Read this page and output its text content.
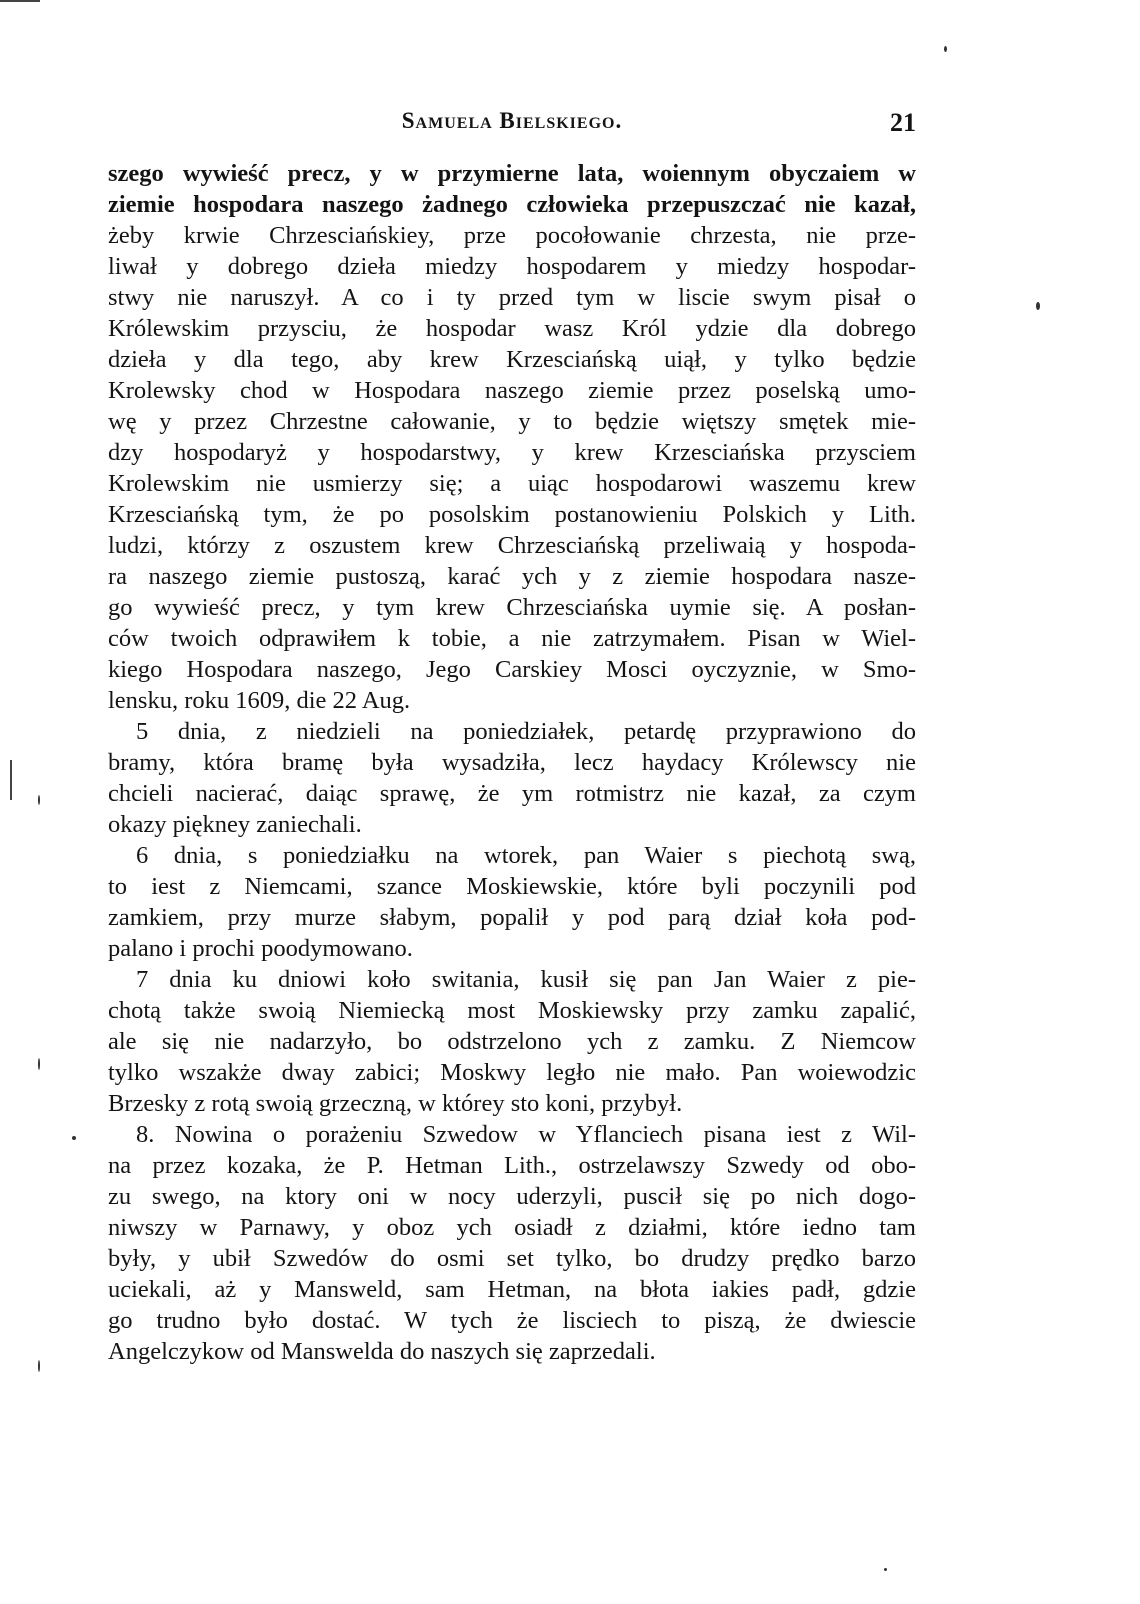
Samuela Bielskiego.	21
szego wywieść precz, y w przymierne lata, woiennym obyczaiem w
ziemie hospodara naszego żadnego człowieka przepuszczać nie kazał,
żeby krwie Chrzesciańskiey, prze pocołowanie chrzesta, nie prze-
liwał y dobrego dzieła miedzy hospodarem y miedzy hospodar-
stwy nie naruszył. A co i ty przed tym w liscie swym pisał o
Królewskim przysciu, że hospodar wasz Król ydzie dla dobrego
dzieła y dla tego, aby krew Krzesciańską uiął, y tylko będzie
Krolewsky chod w Hospodara naszego ziemie przez poselską umo-
wę y przez Chrzestne całowanie, y to będzie więtszy smętek mie-
dzy hospodaryż y hospodarstwy, y krew Krzesciańska przysciem
Krolewskim nie usmierzy się; a uiąc hospodarowi waszemu krew
Krzesciańską tym, że po posolskim postanowieniu Polskich y Lith.
ludzi, którzy z oszustem krew Chrzesciańską przeliwaią y hospoda-
ra naszego ziemie pustoszą, karać ych y z ziemie hospodara nasze-
go wywieść precz, y tym krew Chrzesciańska uymie się. A posłan-
ców twoich odprawiłem k tobie, a nie zatrzymałem. Pisan w Wiel-
kiego Hospodara naszego, Jego Carskiey Mosci oyczyznie, w Smo-
lensku, roku 1609, die 22 Aug.
5 dnia, z niedzieli na poniedziałek, petardę przyprawiono do
bramy, która bramę była wysadziła, lecz haydacy Królewscy nie
chcieli nacierać, daiąc sprawę, że ym rotmistrz nie kazał, za czym
okazy piękney zaniechali.
6 dnia, s poniedziałku na wtorek, pan Waier s piechotą swą,
to iest z Niemcami, szance Moskiewskie, które byli poczynili pod
zamkiem, przy murze słabym, popalił y pod parą dział koła pod-
palano i prochi poodymowano.
7 dnia ku dniowi koło switania, kusił się pan Jan Waier z pie-
chotą także swoią Niemiecką most Moskiewsky przy zamku zapalić,
ale się nie nadarzyło, bo odstrzelono ych z zamku. Z Niemcow
tylko wszakże dway zabici; Moskwy legło nie mało. Pan woiewodzic
Brzesky z rotą swoią grzeczną, w którey sto koni, przybył.
8. Nowina o porażeniu Szwedow w Yflanciech pisana iest z Wil-
na przez kozaka, że P. Hetman Lith., ostrzelawszy Szwedy od obo-
zu swego, na ktory oni w nocy uderzyli, puscił się po nich dogo-
niwszy w Parnawy, y oboz ych osiadł z działmi, które iedno tam
były, y ubił Szwedów do osmi set tylko, bo drudzy prędko barzo
uciekali, aż y Mansweld, sam Hetman, na błota iakies padł, gdzie
go trudno było dostać. W tych że lisciech to piszą, że dwiescie
Angelczykow od Manswelda do naszych się zaprzedali.
